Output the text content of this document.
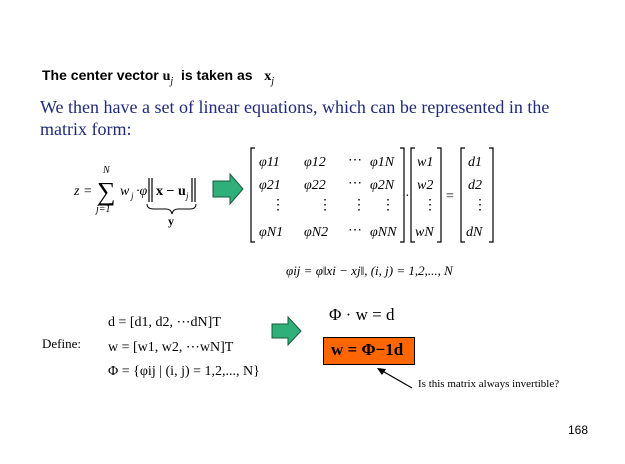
The center vector $u_j$ is taken as $x_j$
We then have a set of linear equations, which can be represented in the matrix form:
z = ∑
N
j=1
w j ·φ x − u j
y
φ11 φ12 ⋯ φ1N
φ21 φ22 ⋯ φ2N
⋮ ⋮ ⋮ ⋮
φN1 φN2 ⋯ φNN
·
w1
w2
⋮
wN
=
d1
d2
⋮
dN
φij = φ‖xi − xj‖, (i, j) = 1,2,..., N
d = [d1, d2, ⋯dN]T
w = [w1, w2, ⋯wN]T
Φ = {φij | (i, j) = 1,2,..., N}
Φ · w = d
w = Φ−1d
Define:
Is this matrix always invertible?
168
